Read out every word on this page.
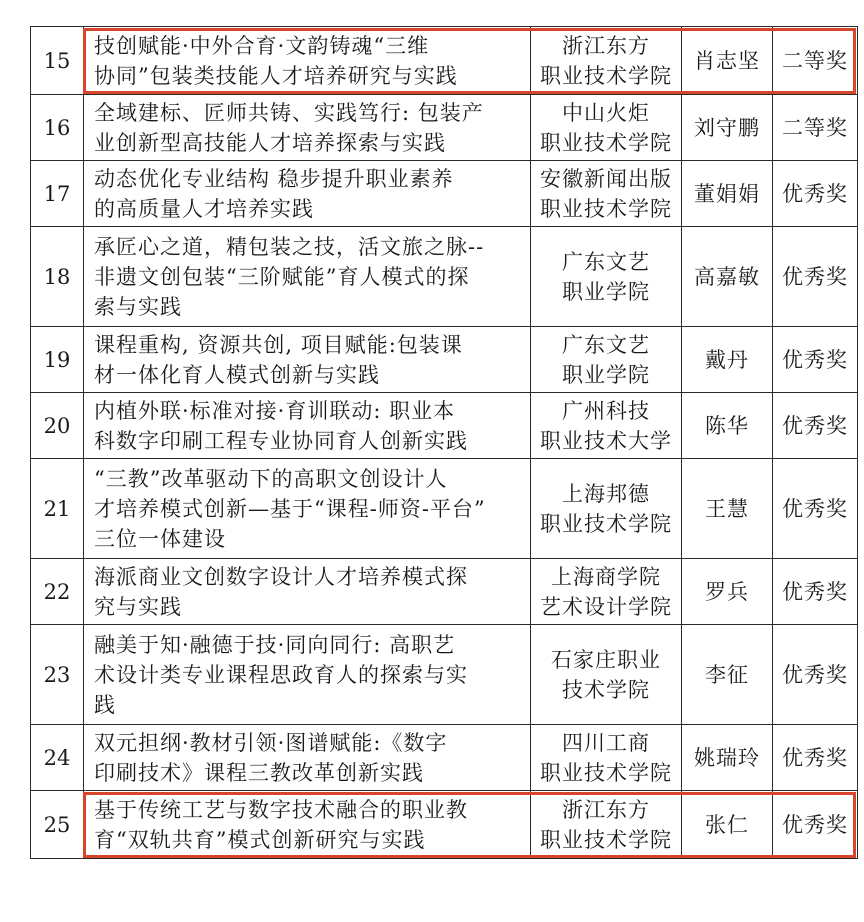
15	技创赋能·中外合育·文韵铸魂“三维
协同”包装类技能人才培养研究与实践	浙江东方
职业技术学院	肖志坚	二等奖
16	全域建标、匠师共铸、实践笃行: 包装产
业创新型高技能人才培养探索与实践	中山火炬
职业技术学院	刘守鹏	二等奖
17	动态优化专业结构 稳步提升职业素养
的高质量人才培养实践	安徽新闻出版
职业技术学院	董娟娟	优秀奖
18	承匠心之道，精包装之技，活文旅之脉--
非遗文创包装“三阶赋能”育人模式的探
索与实践	广东文艺
职业学院	高嘉敏	优秀奖
19	课程重构, 资源共创, 项目赋能:包装课
材一体化育人模式创新与实践	广东文艺
职业学院	戴丹	优秀奖
20	内植外联·标准对接·育训联动: 职业本
科数字印刷工程专业协同育人创新实践	广州科技
职业技术大学	陈华	优秀奖
21	“三教”改革驱动下的高职文创设计人
才培养模式创新—基于“课程-师资-平台”
三位一体建设	上海邦德
职业技术学院	王慧	优秀奖
22	海派商业文创数字设计人才培养模式探
究与实践	上海商学院
艺术设计学院	罗兵	优秀奖
23	融美于知·融德于技·同向同行: 高职艺
术设计类专业课程思政育人的探索与实
践	石家庄职业
技术学院	李征	优秀奖
24	双元担纲·教材引领·图谱赋能:《数字
印刷技术》课程三教改革创新实践	四川工商
职业技术学院	姚瑞玲	优秀奖
25	基于传统工艺与数字技术融合的职业教
育“双轨共育”模式创新研究与实践	浙江东方
职业技术学院	张仁	优秀奖
